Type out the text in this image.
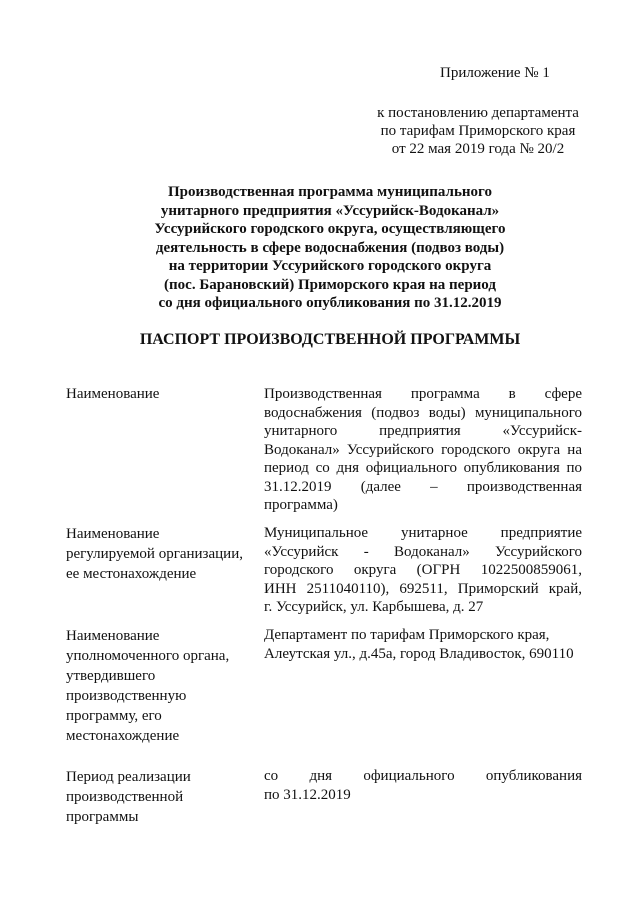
Приложение № 1
к постановлению департамента
по тарифам Приморского края
от 22 мая 2019 года № 20/2
Производственная программа муниципального
унитарного предприятия «Уссурийск-Водоканал»
Уссурийского городского округа, осуществляющего
деятельность в сфере водоснабжения (подвоз воды)
на территории Уссурийского городского округа
(пос. Барановский) Приморского края на период
со дня официального опубликования по 31.12.2019
ПАСПОРТ ПРОИЗВОДСТВЕННОЙ ПРОГРАММЫ
Наименование	Производственная программа в сфере
водоснабжения (подвоз воды) муниципального
унитарного предприятия «Уссурийск-
Водоканал» Уссурийского городского округа на
период со дня официального опубликования по
31.12.2019 (далее – производственная
программа)
Наименование
регулируемой организации,
ее местонахождение
Муниципальное унитарное предприятие
«Уссурийск - Водоканал» Уссурийского
городского округа (ОГРН 1022500859061,
ИНН 2511040110), 692511, Приморский край,
г. Уссурийск, ул. Карбышева, д. 27
Наименование
уполномоченного органа,
утвердившего
производственную
программу, его
местонахождение
Департамент по тарифам Приморского края,
Алеутская ул., д.45а, город Владивосток, 690110
Период реализации
производственной
программы
со дня официального опубликования
по 31.12.2019
